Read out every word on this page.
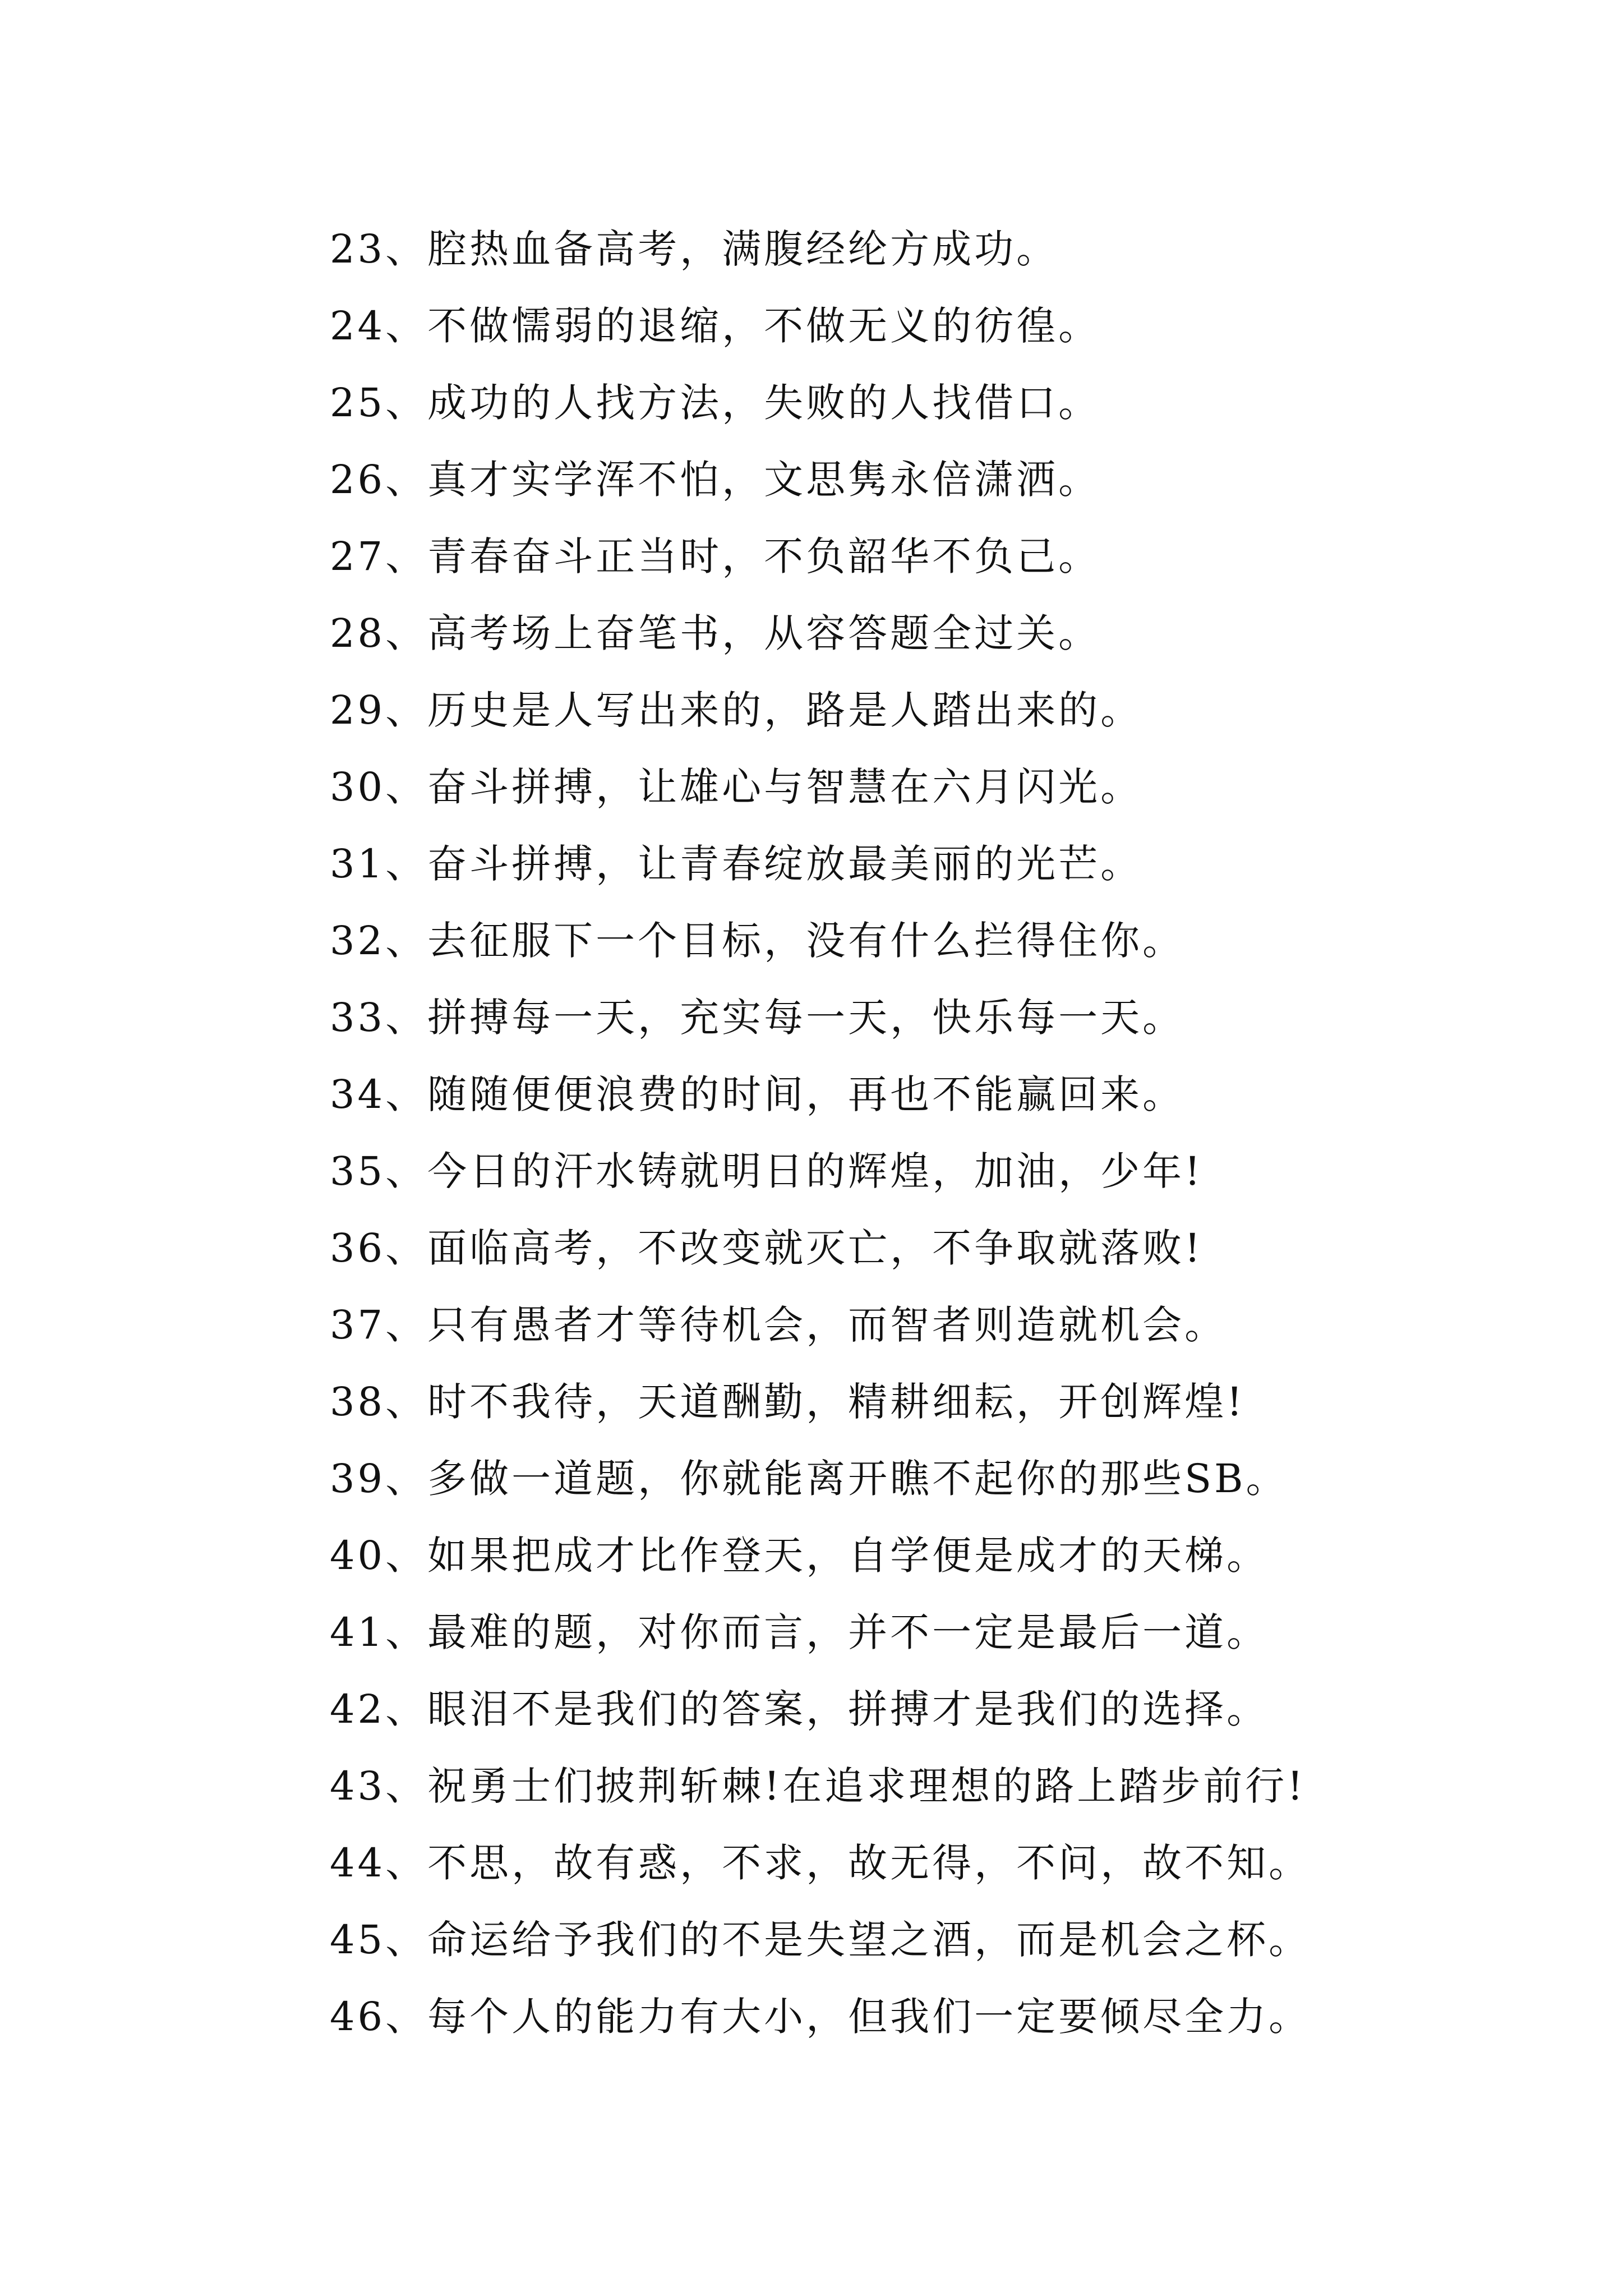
23、腔热血备高考，满腹经纶方成功。
24、不做懦弱的退缩，不做无义的彷徨。
25、成功的人找方法，失败的人找借口。
26、真才实学浑不怕，文思隽永倍潇洒。
27、青春奋斗正当时，不负韶华不负己。
28、高考场上奋笔书，从容答题全过关。
29、历史是人写出来的，路是人踏出来的。
30、奋斗拼搏，让雄心与智慧在六月闪光。
31、奋斗拼搏，让青春绽放最美丽的光芒。
32、去征服下一个目标，没有什么拦得住你。
33、拼搏每一天，充实每一天，快乐每一天。
34、随随便便浪费的时间，再也不能赢回来。
35、今日的汗水铸就明日的辉煌，加油，少年!
36、面临高考，不改变就灭亡，不争取就落败!
37、只有愚者才等待机会，而智者则造就机会。
38、时不我待，天道酬勤，精耕细耘，开创辉煌!
39、多做一道题，你就能离开瞧不起你的那些SB。
40、如果把成才比作登天，自学便是成才的天梯。
41、最难的题，对你而言，并不一定是最后一道。
42、眼泪不是我们的答案，拼搏才是我们的选择。
43、祝勇士们披荆斩棘!在追求理想的路上踏步前行!
44、不思，故有惑，不求，故无得，不问，故不知。
45、命运给予我们的不是失望之酒，而是机会之杯。
46、每个人的能力有大小，但我们一定要倾尽全力。
